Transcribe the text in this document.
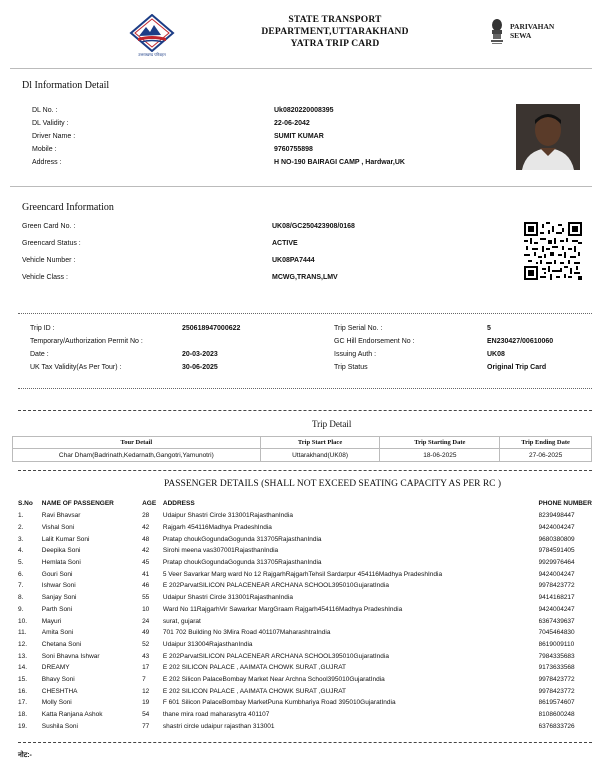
उत्तराखण्ड परिवहन
STATE TRANSPORT
DEPARTMENT,UTTARAKHAND
YATRA TRIP CARD
PARIVAHAN
SEWA
Dl Information Detail
DL No. :	Uk0820220008395
DL Validity :	22-06-2042
Driver Name :	SUMIT KUMAR
Mobile :	9760755898
Address :	H NO-190 BAIRAGI CAMP , Hardwar,UK
Greencard Information
Green Card No. :	UK08/GC250423908/0168
Greencard Status :	ACTIVE
Vehicle Number :	UK08PA7444
Vehicle Class :	MCWG,TRANS,LMV
Trip ID :	250618947000622
Temporary/Authorization Permit No :
Date :	20-03-2023
UK Tax Validity(As Per Tour) :	30-06-2025
Trip Serial No. :	5
GC Hill Endorsement No :	EN230427/00610060
Issuing Auth :	UK08
Trip Status	Original Trip Card
Trip Detail
Tour Detail	Trip Start Place	Trip Starting Date	Trip Ending Date
Char Dham(Badrinath,Kedarnath,Gangotri,Yamunotri)	Uttarakhand(UK08)	18-06-2025	27-06-2025
PASSENGER DETAILS (SHALL NOT EXCEED SEATING CAPACITY AS PER RC )
S.No	NAME OF PASSENGER	AGE	ADDRESS	PHONE NUMBER
1.	Ravi Bhavsar	28	Udaipur Shastri Circle 313001RajasthanIndia	8239498447
2.	Vishal Soni	42	Rajgarh 454116Madhya PradeshIndia	9424004247
3.	Lalit Kumar Soni	48	Pratap choukGogundaGogunda 313705RajasthanIndia	9680380809
4.	Deepika Soni	42	Sirohi meena vas307001RajasthanIndia	9784591405
5.	Hemlata Soni	45	Pratap choukGogundaGogunda 313705RajasthanIndia	9929976464
6.	Gouri Soni	41	5 Veer Savarkar Marg ward No 12 RajgarhRajgarhTehsil Sardarpur 454116Madhya PradeshIndia	9424004247
7.	Ishwar Soni	46	E 202ParvatSILICON PALACENEAR ARCHANA SCHOOL395010GujaratIndia	9978423772
8.	Sanjay Soni	55	Udaipur Shastri Circle 313001RajasthanIndia	9414168217
9.	Parth Soni	10	Ward No 11RajgarhVir Sawarkar MargGraam Rajgarh454116Madhya PradeshIndia	9424004247
10.	Mayuri	24	surat, gujarat	6367439637
11.	Amita Soni	49	701 702 Building No 3Mira Road 401107MaharashtraIndia	7045464830
12.	Chetana Soni	52	Udaipur 313004RajasthanIndia	8619009110
13.	Soni Bhavna Ishwar	43	E 202ParvatSILICON PALACENEAR ARCHANA SCHOOL395010GujaratIndia	7984335683
14.	DREAMY	17	E 202 SILICON PALACE , AAIMATA CHOWK SURAT ,GUJRAT	9173633568
15.	Bhavy Soni	7	E 202 Silicon PalaceBombay Market Near Archna School395010GujaratIndia	9978423772
16.	CHESHTHA	12	E 202 SILICON PALACE , AAIMATA CHOWK SURAT ,GUJRAT	9978423772
17.	Molly Soni	19	F 601 Silicon PalaceBombay MarketPuna Kumbhariya Road 395010GujaratIndia	8619574607
18.	Katta Ranjana Ashok	54	thane mira road maharasytra 401107	8108600248
19.	Sushila Soni	77	shastri circle udaipur rajasthan 313001	6376833726
नोट:-
